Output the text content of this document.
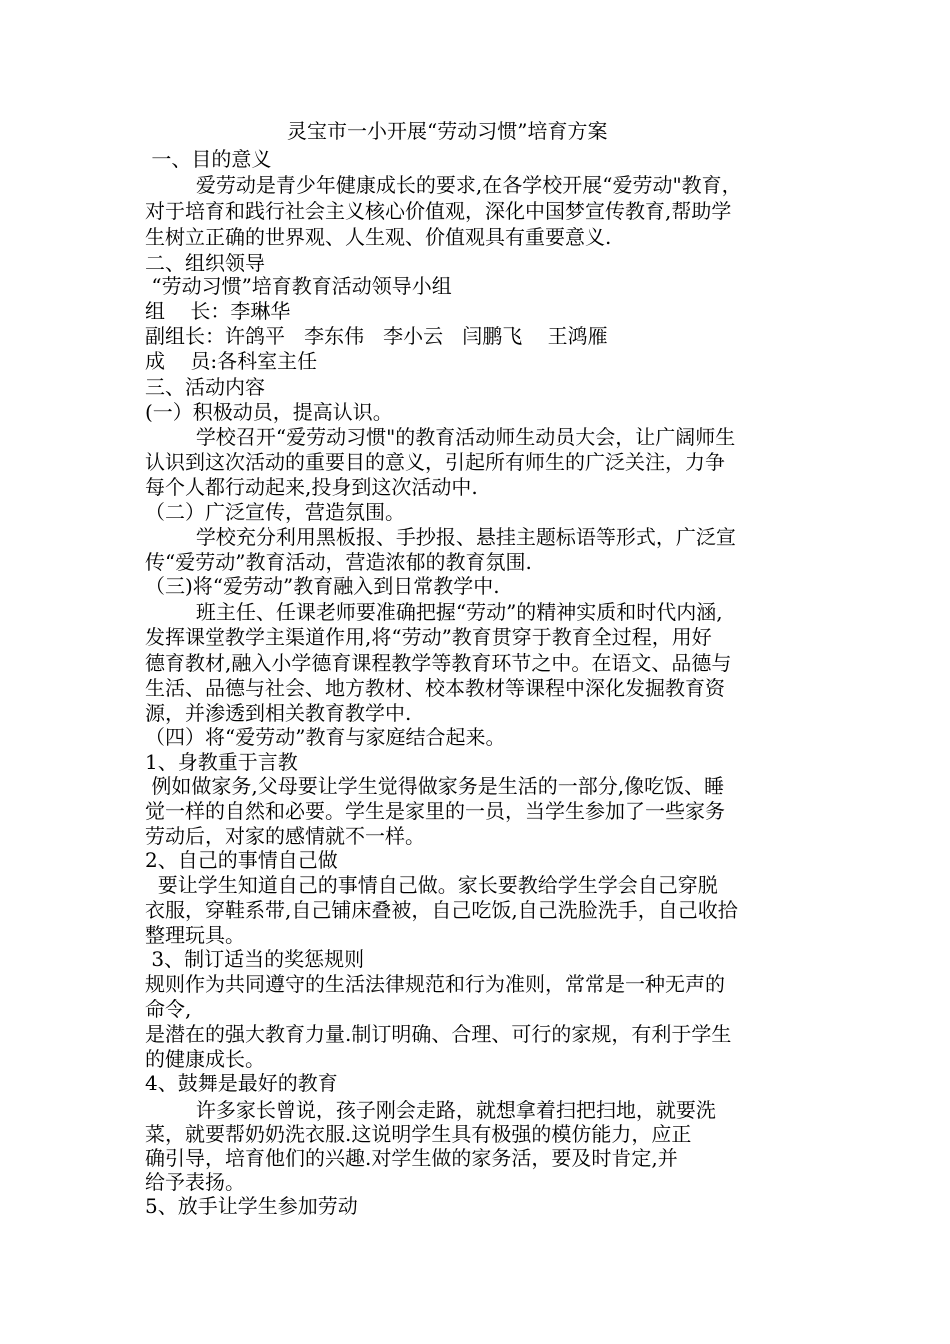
灵宝市一小开展“劳动习惯”培育方案

一、目的意义

爱劳动是青少年健康成长的要求,在各学校开展“爱劳动"教育，

对于培育和践行社会主义核心价值观，深化中国梦宣传教育,帮助学

生树立正确的世界观、人生观、价值观具有重要意义.

二、组织领导

“劳动习惯”培育教育活动领导小组

组    长：李琳华

副组长：许鸽平   李东伟   李小云   闫鹏飞    王鸿雁

成    员:各科室主任

三、活动内容

(一）积极动员，提高认识。

学校召开“爱劳动习惯"的教育活动师生动员大会，让广阔师生

认识到这次活动的重要目的意义，引起所有师生的广泛关注，力争

每个人都行动起来,投身到这次活动中.

（二）广泛宣传，营造氛围。

学校充分利用黑板报、手抄报、悬挂主题标语等形式，广泛宣

传“爱劳动”教育活动，营造浓郁的教育氛围.

（三)将“爱劳动”教育融入到日常教学中.

班主任、任课老师要准确把握“劳动”的精神实质和时代内涵,

发挥课堂教学主渠道作用,将“劳动”教育贯穿于教育全过程，用好

德育教材,融入小学德育课程教学等教育环节之中。在语文、品德与

生活、品德与社会、地方教材、校本教材等课程中深化发掘教育资

源，并渗透到相关教育教学中.

（四）将“爱劳动”教育与家庭结合起来。

1、身教重于言教

例如做家务,父母要让学生觉得做家务是生活的一部分,像吃饭、睡

觉一样的自然和必要。学生是家里的一员，当学生参加了一些家务

劳动后，对家的感情就不一样。

2、自己的事情自己做

要让学生知道自己的事情自己做。家长要教给学生学会自己穿脱

衣服，穿鞋系带,自己铺床叠被，自己吃饭,自己洗脸洗手，自己收拾

整理玩具。

3、制订适当的奖惩规则

规则作为共同遵守的生活法律规范和行为准则，常常是一种无声的

命令,

是潜在的强大教育力量.制订明确、合理、可行的家规，有利于学生

的健康成长。

4、鼓舞是最好的教育

许多家长曾说，孩子刚会走路，就想拿着扫把扫地，就要洗

菜，就要帮奶奶洗衣服.这说明学生具有极强的模仿能力，应正

确引导，培育他们的兴趣.对学生做的家务活，要及时肯定,并

给予表扬。

5、放手让学生参加劳动
